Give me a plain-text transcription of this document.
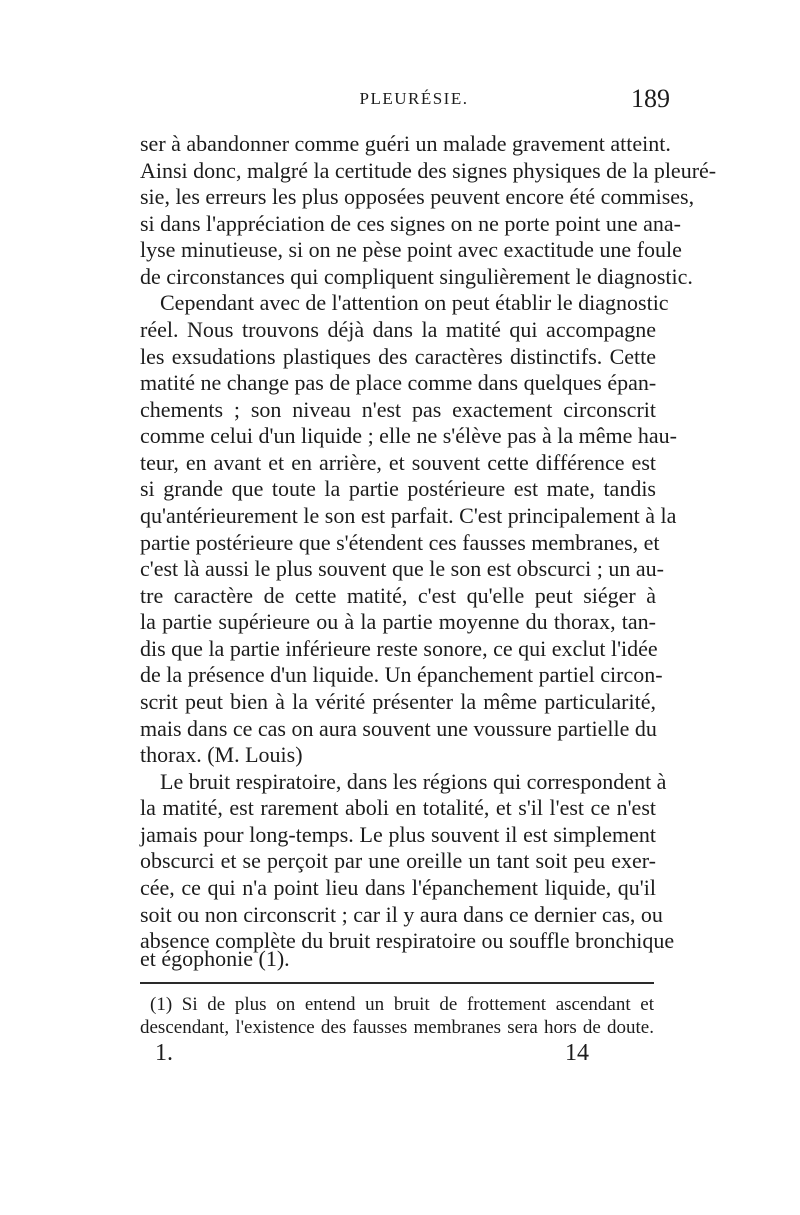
PLEURÉSIE.	189
ser à abandonner comme guéri un malade gravement atteint.
Ainsi donc, malgré la certitude des signes physiques de la pleuré-
sie, les erreurs les plus opposées peuvent encore été commises,
si dans l'appréciation de ces signes on ne porte point une ana-
lyse minutieuse, si on ne pèse point avec exactitude une foule
de circonstances qui compliquent singulièrement le diagnostic.
Cependant avec de l'attention on peut établir le diagnostic
réel. Nous trouvons déjà dans la matité qui accompagne
les exsudations plastiques des caractères distinctifs. Cette
matité ne change pas de place comme dans quelques épan-
chements ; son niveau n'est pas exactement circonscrit
comme celui d'un liquide ; elle ne s'élève pas à la même hau-
teur, en avant et en arrière, et souvent cette différence est
si grande que toute la partie postérieure est mate, tandis
qu'antérieurement le son est parfait. C'est principalement à la
partie postérieure que s'étendent ces fausses membranes, et
c'est là aussi le plus souvent que le son est obscurci ; un au-
tre caractère de cette matité, c'est qu'elle peut siéger à
la partie supérieure ou à la partie moyenne du thorax, tan-
dis que la partie inférieure reste sonore, ce qui exclut l'idée
de la présence d'un liquide. Un épanchement partiel circon-
scrit peut bien à la vérité présenter la même particularité,
mais dans ce cas on aura souvent une voussure partielle du
thorax. (M. Louis)
Le bruit respiratoire, dans les régions qui correspondent à
la matité, est rarement aboli en totalité, et s'il l'est ce n'est
jamais pour long-temps. Le plus souvent il est simplement
obscurci et se perçoit par une oreille un tant soit peu exer-
cée, ce qui n'a point lieu dans l'épanchement liquide, qu'il
soit ou non circonscrit ; car il y aura dans ce dernier cas, ou
absence complète du bruit respiratoire ou souffle bronchique
et égophonie (1).
(1) Si de plus on entend un bruit de frottement ascendant et
descendant, l'existence des fausses membranes sera hors de doute.
1.	14
